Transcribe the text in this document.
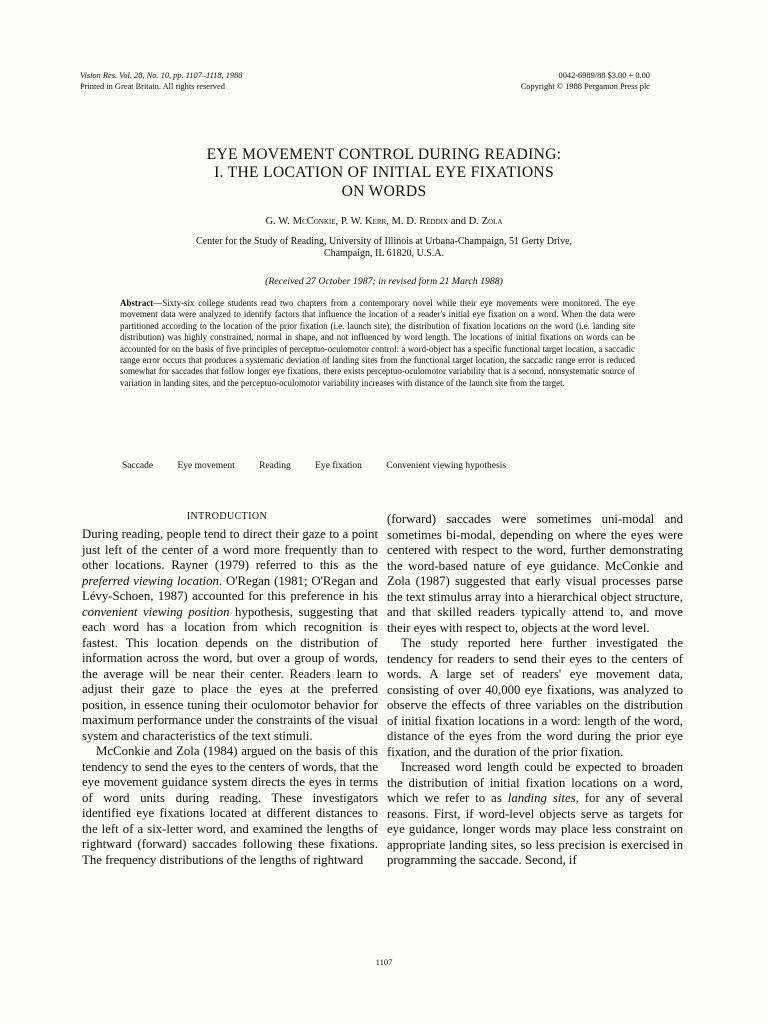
Vision Res. Vol. 28, No. 10, pp. 1107–1118, 1988
Printed in Great Britain. All rights reserved
0042-6989/88 $3.00 + 0.00
Copyright © 1988 Pergamon Press plc
EYE MOVEMENT CONTROL DURING READING:
I. THE LOCATION OF INITIAL EYE FIXATIONS
ON WORDS
G. W. McConkie, P. W. Kerr, M. D. Reddix and D. Zola
Center for the Study of Reading, University of Illinois at Urbana-Champaign, 51 Gerty Drive,
Champaign, IL 61820, U.S.A.
(Received 27 October 1987; in revised form 21 March 1988)
Abstract—Sixty-six college students read two chapters from a contemporary novel while their eye movements were monitored. The eye movement data were analyzed to identify factors that influence the location of a reader's initial eye fixation on a word. When the data were partitioned according to the location of the prior fixation (i.e. launch site), the distribution of fixation locations on the word (i.e. landing site distribution) was highly constrained, normal in shape, and not influenced by word length. The locations of initial fixations on words can be accounted for on the basis of five principles of perceptuo-oculomotor control: a word-object has a specific functional target location, a saccadic range error occurs that produces a systematic deviation of landing sites from the functional target location, the saccadic range error is reduced somewhat for saccades that follow longer eye fixations, there exists perceptuo-oculomotor variability that is a second, nonsystematic source of variation in landing sites, and the perceptuo-oculomotor variability increases with distance of the launch site from the target.
Saccade	Eye movement	Reading	Eye fixation	Convenient viewing hypothesis
INTRODUCTION

During reading, people tend to direct their gaze to a point just left of the center of a word more frequently than to other locations. Rayner (1979) referred to this as the preferred viewing location. O'Regan (1981; O'Regan and Lévy-Schoen, 1987) accounted for this preference in his convenient viewing position hypothesis, suggesting that each word has a location from which recognition is fastest. This location depends on the distribution of information across the word, but over a group of words, the average will be near their center. Readers learn to adjust their gaze to place the eyes at the preferred position, in essence tuning their oculomotor behavior for maximum performance under the constraints of the visual system and characteristics of the text stimuli.

McConkie and Zola (1984) argued on the basis of this tendency to send the eyes to the centers of words, that the eye movement guidance system directs the eyes in terms of word units during reading. These investigators identified eye fixations located at different distances to the left of a six-letter word, and examined the lengths of rightward (forward) saccades following these fixations. The frequency distributions of the lengths of rightward

(forward) saccades were sometimes uni-modal and sometimes bi-modal, depending on where the eyes were centered with respect to the word, further demonstrating the word-based nature of eye guidance. McConkie and Zola (1987) suggested that early visual processes parse the text stimulus array into a hierarchical object structure, and that skilled readers typically attend to, and move their eyes with respect to, objects at the word level.

The study reported here further investigated the tendency for readers to send their eyes to the centers of words. A large set of readers' eye movement data, consisting of over 40,000 eye fixations, was analyzed to observe the effects of three variables on the distribution of initial fixation locations in a word: length of the word, distance of the eyes from the word during the prior eye fixation, and the duration of the prior fixation.

Increased word length could be expected to broaden the distribution of initial fixation locations on a word, which we refer to as landing sites, for any of several reasons. First, if word-level objects serve as targets for eye guidance, longer words may place less constraint on appropriate landing sites, so less precision is exercised in programming the saccade. Second, if

1107
